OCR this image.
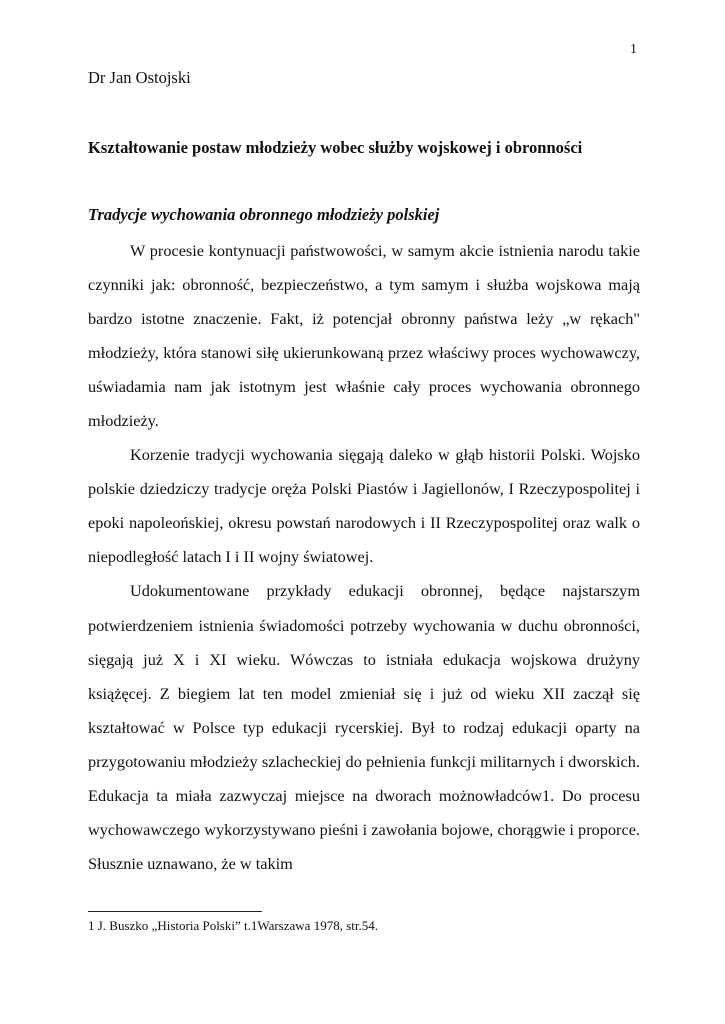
1
Dr Jan Ostojski
Kształtowanie postaw młodzieży wobec służby wojskowej i obronności
Tradycje wychowania obronnego młodzieży polskiej

W procesie kontynuacji państwowości, w samym akcie istnienia narodu takie czynniki jak: obronność, bezpieczeństwo, a tym samym i służba wojskowa mają bardzo istotne znaczenie. Fakt, iż potencjał obronny państwa leży „w rękach" młodzieży, która stanowi siłę ukierunkowaną przez właściwy proces wychowawczy, uświadamia nam jak istotnym jest właśnie cały proces wychowania obronnego młodzieży.

Korzenie tradycji wychowania sięgają daleko w głąb historii Polski. Wojsko polskie dziedziczy tradycje oręża Polski Piastów i Jagiellonów, I Rzeczypospolitej i epoki napoleońskiej, okresu powstań narodowych i II Rzeczypospolitej oraz walk o niepodległość latach I i II wojny światowej.

Udokumentowane przykłady edukacji obronnej, będące najstarszym potwierdzeniem istnienia świadomości potrzeby wychowania w duchu obronności, sięgają już X i XI wieku. Wówczas to istniała edukacja wojskowa drużyny książęcej. Z biegiem lat ten model zmieniał się i już od wieku XII zaczął się kształtować w Polsce typ edukacji rycerskiej. Był to rodzaj edukacji oparty na przygotowaniu młodzieży szlacheckiej do pełnienia funkcji militarnych i dworskich. Edukacja ta miała zazwyczaj miejsce na dworach możnowładców1. Do procesu wychowawczego wykorzystywano pieśni i zawołania bojowe, chorągwie i proporce. Słusznie uznawano, że w takim

1 J. Buszko „Historia Polski” t.1Warszawa 1978, str.54.
